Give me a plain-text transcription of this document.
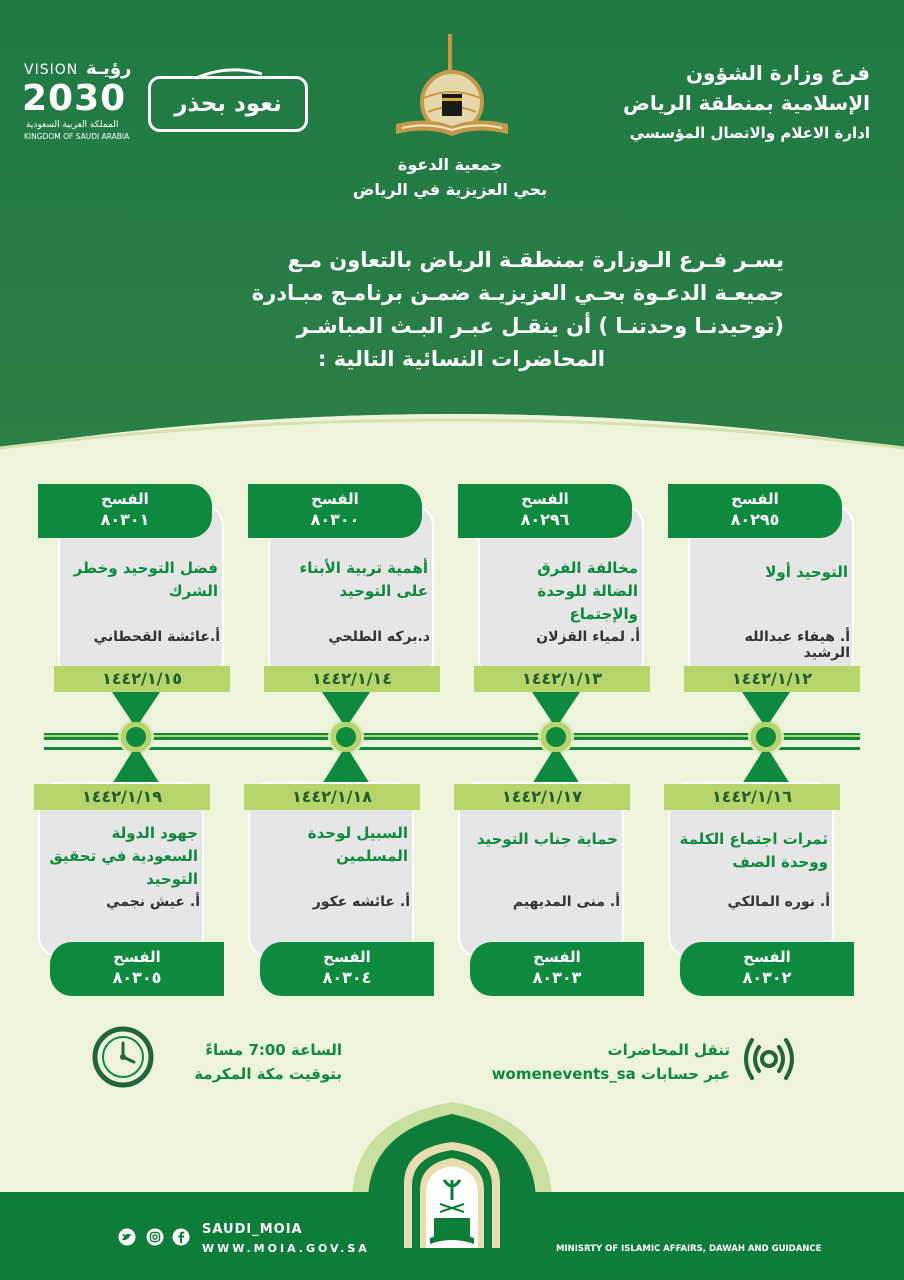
جمعية الدعوة
بحي العزيزية في الرياض
فرع وزارة الشؤون
الإسلامية بمنطقة الرياض
ادارة الاعلام والاتصال المؤسسي
نعود بحذر
VISION رؤيـة
2030
المملكة العربية السعودية
KINGDOM OF SAUDI ARABIA
يسـر فـرع الـوزارة بمنطقـة الرياض بالتعاون مـع
جميعـة الدعـوة بحـي العزيزيـة ضمـن برنامـج مبـادرة
(توحيدنـا وحدتنـا ) أن ينقـل عبـر البـث المباشـر
المحاضرات النسائية التالية :
التوحيد أولا
أ. هيفاء عبدالله الرشيد
الفسح
٨٠٢٩٥
١٤٤٢/١/١٢
مخالفة الفرق الضالة للوحدة والإجتماع
أ. لمياء القزلان
الفسح
٨٠٢٩٦
١٤٤٢/١/١٣
أهمية تربية الأبناء على التوحيد
د.بركه الطلحي
الفسح
٨٠٣٠٠
١٤٤٢/١/١٤
فضل التوحيد وخطر الشرك
أ.عائشة القحطاني
الفسح
٨٠٣٠١
١٤٤٢/١/١٥
ثمرات اجتماع الكلمة ووحدة الصف
أ. نوره المالكي
١٤٤٢/١/١٦
الفسح
٨٠٣٠٢
حماية جناب التوحيد
أ. منى المديهيم
١٤٤٢/١/١٧
الفسح
٨٠٣٠٣
السبيل لوحدة المسلمين
أ. عائشه عكور
١٤٤٢/١/١٨
الفسح
٨٠٣٠٤
جهود الدولة السعودية في تحقيق التوحيد
أ. عيش نجمي
١٤٤٢/١/١٩
الفسح
٨٠٣٠٥
الساعة 7:00 مساءً
بتوقيت مكة المكرمة
تنقل المحاضرات
عبر حسابات womenevents_sa
SAUDI_MOIA
WWW.MOIA.GOV.SA	MINISRTY OF ISLAMIC AFFAIRS, DAWAH AND GUIDANCE
